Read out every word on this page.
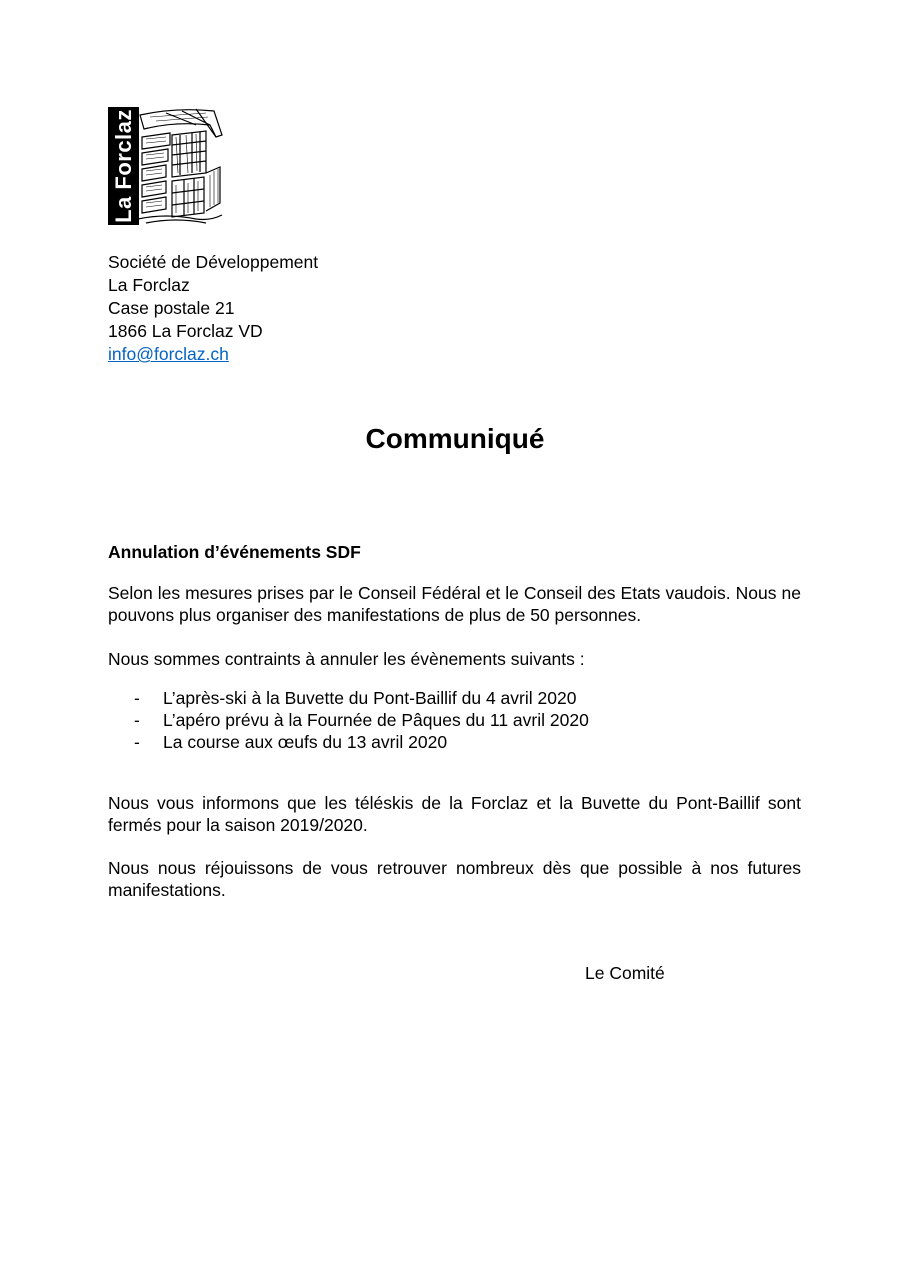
La Forclaz
Société de Développement
La Forclaz
Case postale 21
1866 La Forclaz VD
info@forclaz.ch
Communiqué
Annulation d’événements SDF
Selon les mesures prises par le Conseil Fédéral et le Conseil des Etats vaudois. Nous ne pouvons plus organiser des manifestations de plus de 50 personnes.
Nous sommes contraints à annuler les évènements suivants :
- L’après-ski à la Buvette du Pont-Baillif du 4 avril 2020
- L’apéro prévu à la Fournée de Pâques du 11 avril 2020
- La course aux œufs du 13 avril 2020
Nous vous informons que les téléskis de la Forclaz et la Buvette du Pont-Baillif sont fermés pour la saison 2019/2020.
Nous nous réjouissons de vous retrouver nombreux dès que possible à nos futures manifestations.
Le Comité
